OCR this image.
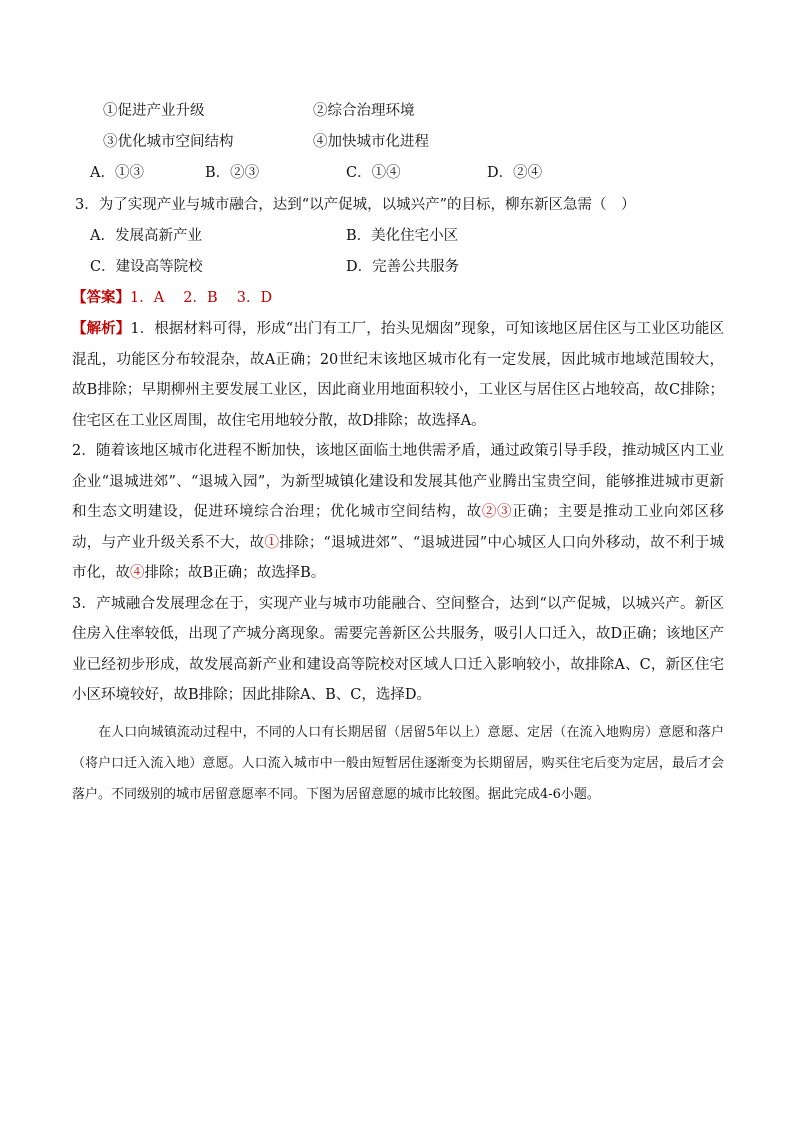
①促进产业升级	②综合治理环境
③优化城市空间结构	④加快城市化进程
A．①③	B．②③	C．①④	D．②④
3．为了实现产业与城市融合，达到“以产促城，以城兴产”的目标，柳东新区急需（　）
A．发展高新产业	B．美化住宅小区
C．建设高等院校	D．完善公共服务
【答案】1．A　 2．B　 3．D

【解析】1．根据材料可得，形成“出门有工厂，抬头见烟囱”现象，可知该地区居住区与工业区功能区混乱，功能区分布较混杂，故A正确；20世纪末该地区城市化有一定发展，因此城市地域范围较大，故B排除；早期柳州主要发展工业区，因此商业用地面积较小，工业区与居住区占地较高，故C排除；住宅区在工业区周围，故住宅用地较分散，故D排除；故选择A。

2．随着该地区城市化进程不断加快，该地区面临土地供需矛盾，通过政策引导手段，推动城区内工业企业“退城进郊”、“退城入园”，为新型城镇化建设和发展其他产业腾出宝贵空间，能够推进城市更新和生态文明建设，促进环境综合治理；优化城市空间结构，故②③正确；主要是推动工业向郊区移动，与产业升级关系不大，故①排除；“退城进郊”、“退城进园”中心城区人口向外移动，故不利于城市化，故④排除；故B正确；故选择B。

3．产城融合发展理念在于，实现产业与城市功能融合、空间整合，达到“以产促城，以城兴产。新区住房入住率较低，出现了产城分离现象。需要完善新区公共服务，吸引人口迁入，故D正确；该地区产业已经初步形成，故发展高新产业和建设高等院校对区域人口迁入影响较小，故排除A、C，新区住宅小区环境较好，故B排除；因此排除A、B、C，选择D。

在人口向城镇流动过程中，不同的人口有长期居留（居留5年以上）意愿、定居（在流入地购房）意愿和落户（将户口迁入流入地）意愿。人口流入城市中一般由短暂居住逐渐变为长期留居，购买住宅后变为定居，最后才会落户。不同级别的城市居留意愿率不同。下图为居留意愿的城市比较图。据此完成4-6小题。
